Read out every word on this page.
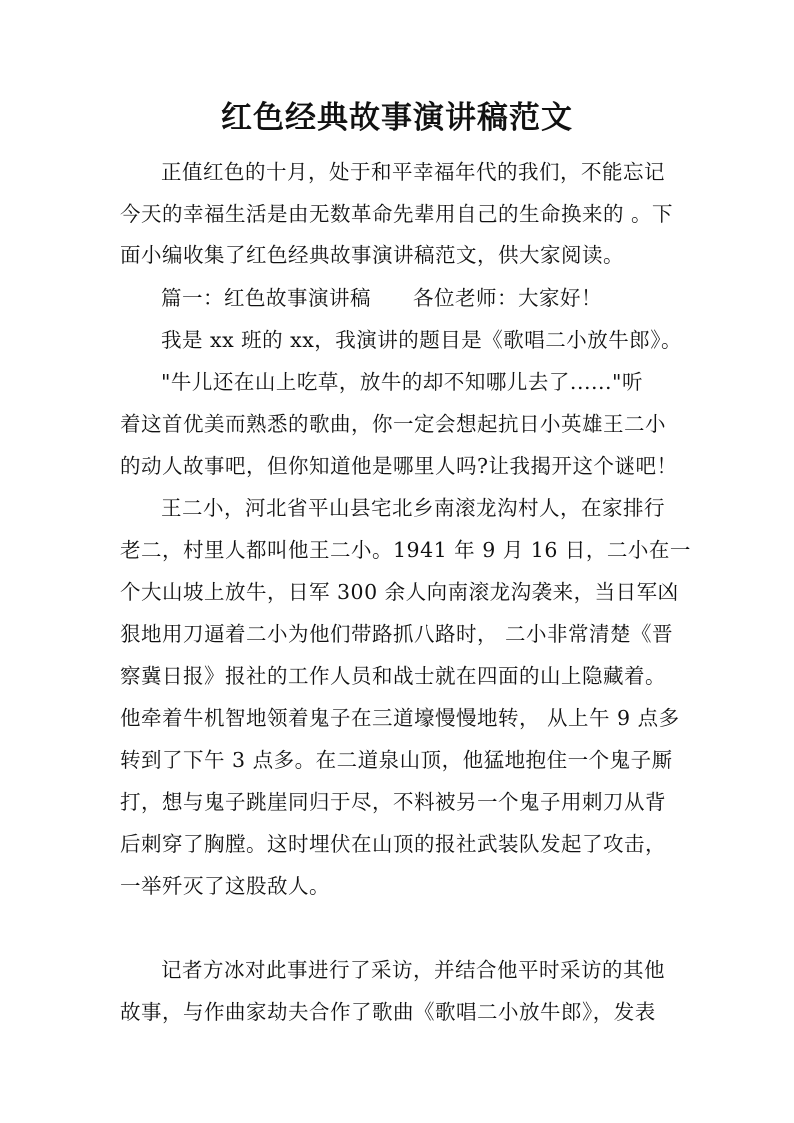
红色经典故事演讲稿范文
正值红色的十月，处于和平幸福年代的我们，不能忘记
今天的幸福生活是由无数革命先辈用自己的生命换来的 。下
面小编收集了红色经典故事演讲稿范文，供大家阅读。
篇一：红色故事演讲稿 各位老师：大家好！
我是 xx 班的 xx，我演讲的题目是《歌唱二小放牛郎》。
"牛儿还在山上吃草，放牛的却不知哪儿去了......"听
着这首优美而熟悉的歌曲，你一定会想起抗日小英雄王二小
的动人故事吧，但你知道他是哪里人吗?让我揭开这个谜吧！
王二小，河北省平山县宅北乡南滚龙沟村人，在家排行
老二，村里人都叫他王二小。1941 年 9 月 16 日，二小在一
个大山坡上放牛，日军 300 余人向南滚龙沟袭来，当日军凶
狠地用刀逼着二小为他们带路抓八路时， 二小非常清楚《晋
察冀日报》报社的工作人员和战士就在四面的山上隐藏着。
他牵着牛机智地领着鬼子在三道壕慢慢地转， 从上午 9 点多
转到了下午 3 点多。在二道泉山顶，他猛地抱住一个鬼子厮
打，想与鬼子跳崖同归于尽，不料被另一个鬼子用刺刀从背
后刺穿了胸膛。这时埋伏在山顶的报社武装队发起了攻击，
一举歼灭了这股敌人。
记者方冰对此事进行了采访，并结合他平时采访的其他
故事，与作曲家劫夫合作了歌曲《歌唱二小放牛郎》，发表
